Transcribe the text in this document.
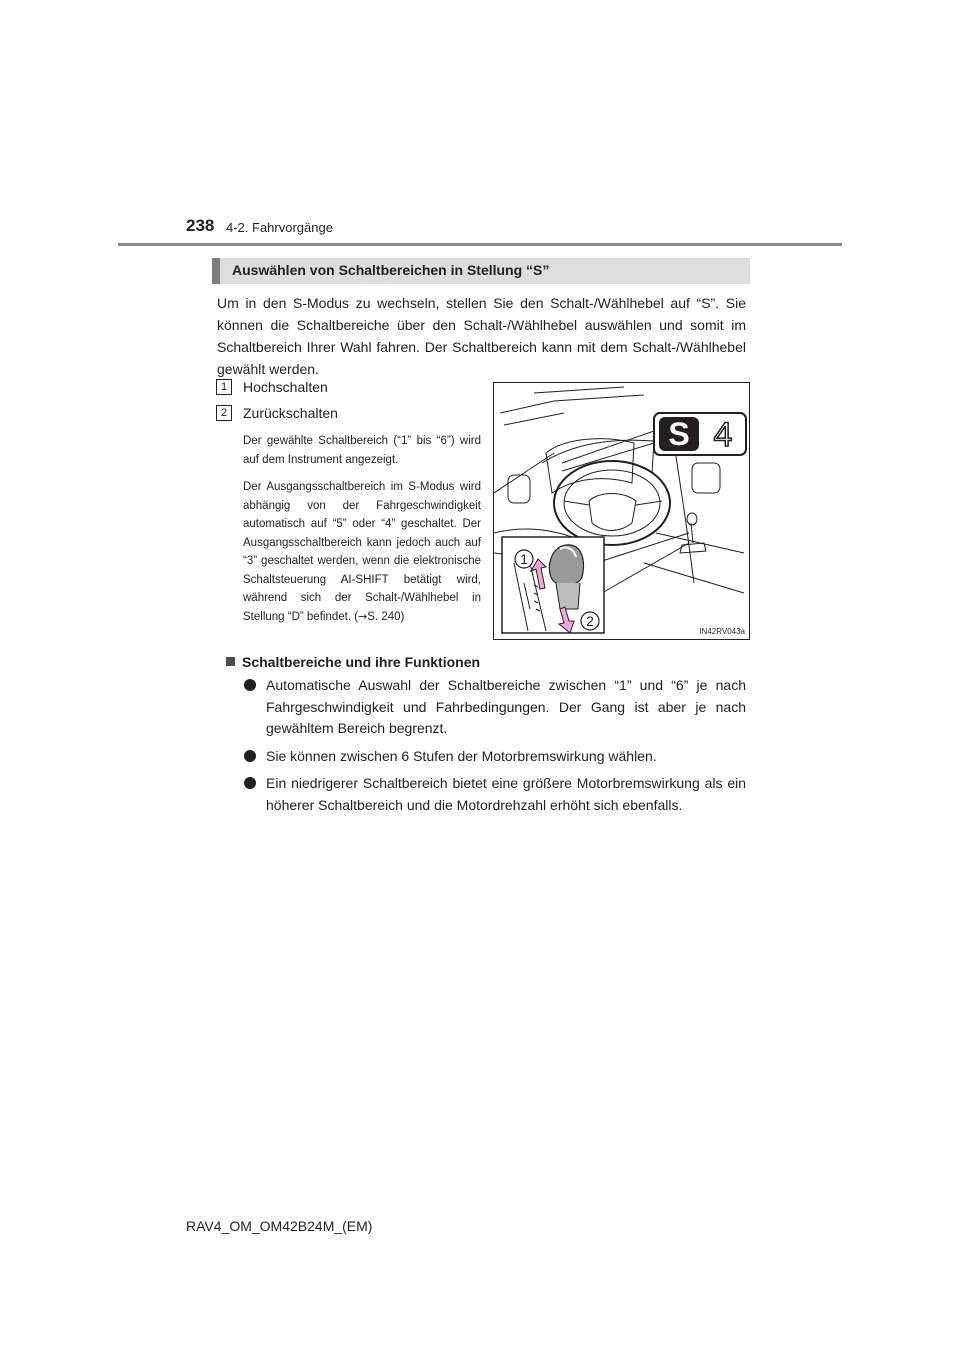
238 4-2. Fahrvorgänge
Auswählen von Schaltbereichen in Stellung “S”

Um in den S-Modus zu wechseln, stellen Sie den Schalt-/Wählhebel auf “S”. Sie können die Schaltbereiche über den Schalt-/Wählhebel auswählen und somit im Schaltbereich Ihrer Wahl fahren. Der Schaltbereich kann mit dem Schalt-/Wählhebel gewählt werden.

1	Hochschalten
2	Zurückschalten

Der gewählte Schaltbereich (“1” bis “6”) wird auf dem Instrument angezeigt.

Der Ausgangsschaltbereich im S-Modus wird abhängig von der Fahrgeschwindigkeit automatisch auf “5” oder “4” geschaltet. Der Ausgangsschaltbereich kann jedoch auch auf “3” geschaltet werden, wenn die elektronische Schaltsteuerung AI-SHIFT betätigt wird, während sich der Schalt-/Wählhebel in Stellung “D” befindet. (→S. 240)

S 4
1
2
IN42RV043a
Schaltbereiche und ihre Funktionen
Automatische Auswahl der Schaltbereiche zwischen “1” und “6” je nach Fahrgeschwindigkeit und Fahrbedingungen. Der Gang ist aber je nach gewähltem Bereich begrenzt.
Sie können zwischen 6 Stufen der Motorbremswirkung wählen.
Ein niedrigerer Schaltbereich bietet eine größere Motorbremswirkung als ein höherer Schaltbereich und die Motordrehzahl erhöht sich ebenfalls.
RAV4_OM_OM42B24M_(EM)
